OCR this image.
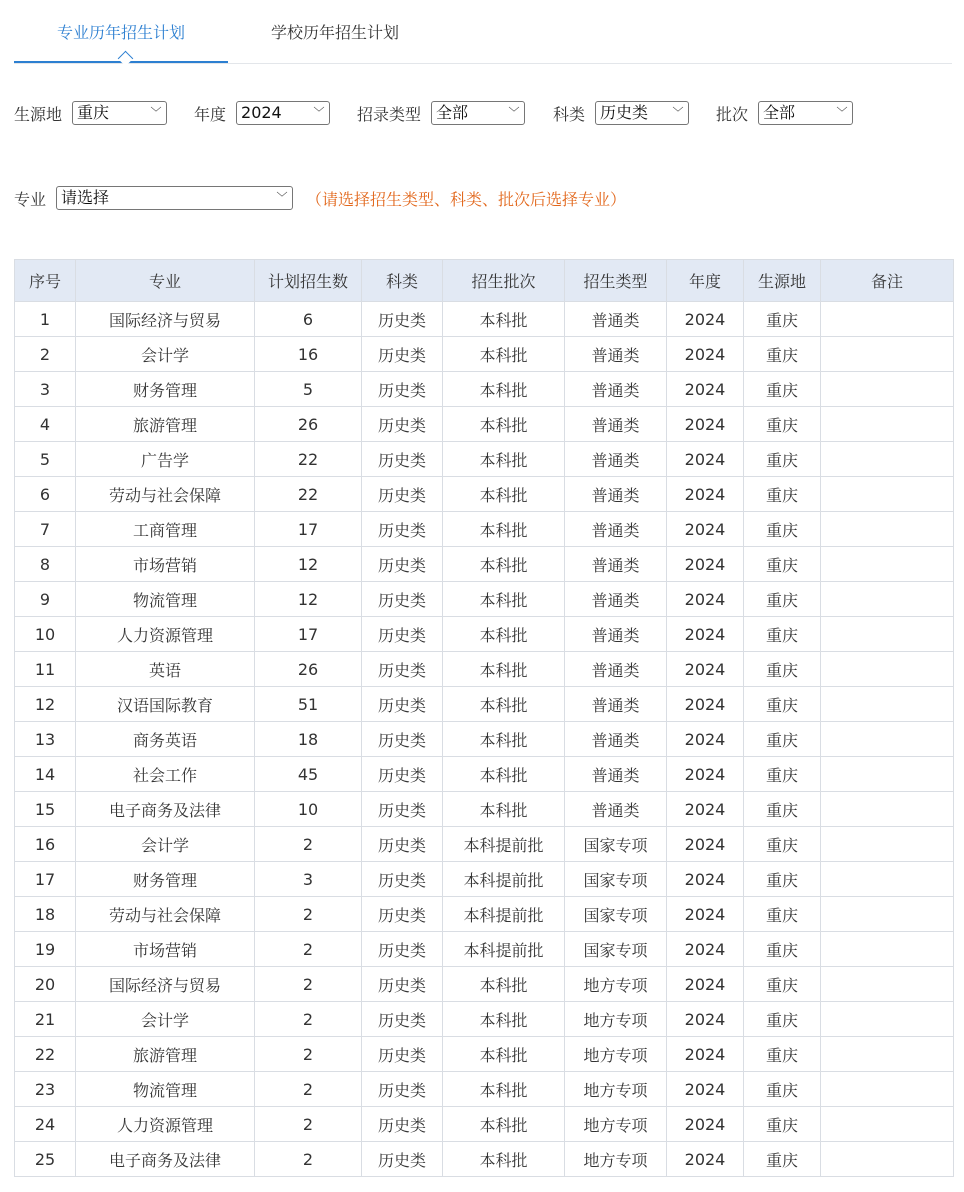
专业历年招生计划	学校历年招生计划
生源地 重庆	﹀ 年度 2024	﹀ 招录类型 全部	﹀ 科类 历史类 ﹀ 批次 全部	﹀
专业 请选择	﹀ （请选择招生类型、科类、批次后选择专业）
序号	专业	计划招生数	科类	招生批次	招生类型	年度	生源地	备注
1	国际经济与贸易	6	历史类	本科批	普通类	2024	重庆	
2	会计学	16	历史类	本科批	普通类	2024	重庆	
3	财务管理	5	历史类	本科批	普通类	2024	重庆	
4	旅游管理	26	历史类	本科批	普通类	2024	重庆	
5	广告学	22	历史类	本科批	普通类	2024	重庆	
6	劳动与社会保障	22	历史类	本科批	普通类	2024	重庆	
7	工商管理	17	历史类	本科批	普通类	2024	重庆	
8	市场营销	12	历史类	本科批	普通类	2024	重庆	
9	物流管理	12	历史类	本科批	普通类	2024	重庆	
10	人力资源管理	17	历史类	本科批	普通类	2024	重庆	
11	英语	26	历史类	本科批	普通类	2024	重庆	
12	汉语国际教育	51	历史类	本科批	普通类	2024	重庆	
13	商务英语	18	历史类	本科批	普通类	2024	重庆	
14	社会工作	45	历史类	本科批	普通类	2024	重庆	
15	电子商务及法律	10	历史类	本科批	普通类	2024	重庆	
16	会计学	2	历史类	本科提前批	国家专项	2024	重庆	
17	财务管理	3	历史类	本科提前批	国家专项	2024	重庆	
18	劳动与社会保障	2	历史类	本科提前批	国家专项	2024	重庆	
19	市场营销	2	历史类	本科提前批	国家专项	2024	重庆	
20	国际经济与贸易	2	历史类	本科批	地方专项	2024	重庆	
21	会计学	2	历史类	本科批	地方专项	2024	重庆	
22	旅游管理	2	历史类	本科批	地方专项	2024	重庆	
23	物流管理	2	历史类	本科批	地方专项	2024	重庆	
24	人力资源管理	2	历史类	本科批	地方专项	2024	重庆	
25	电子商务及法律	2	历史类	本科批	地方专项	2024	重庆	
